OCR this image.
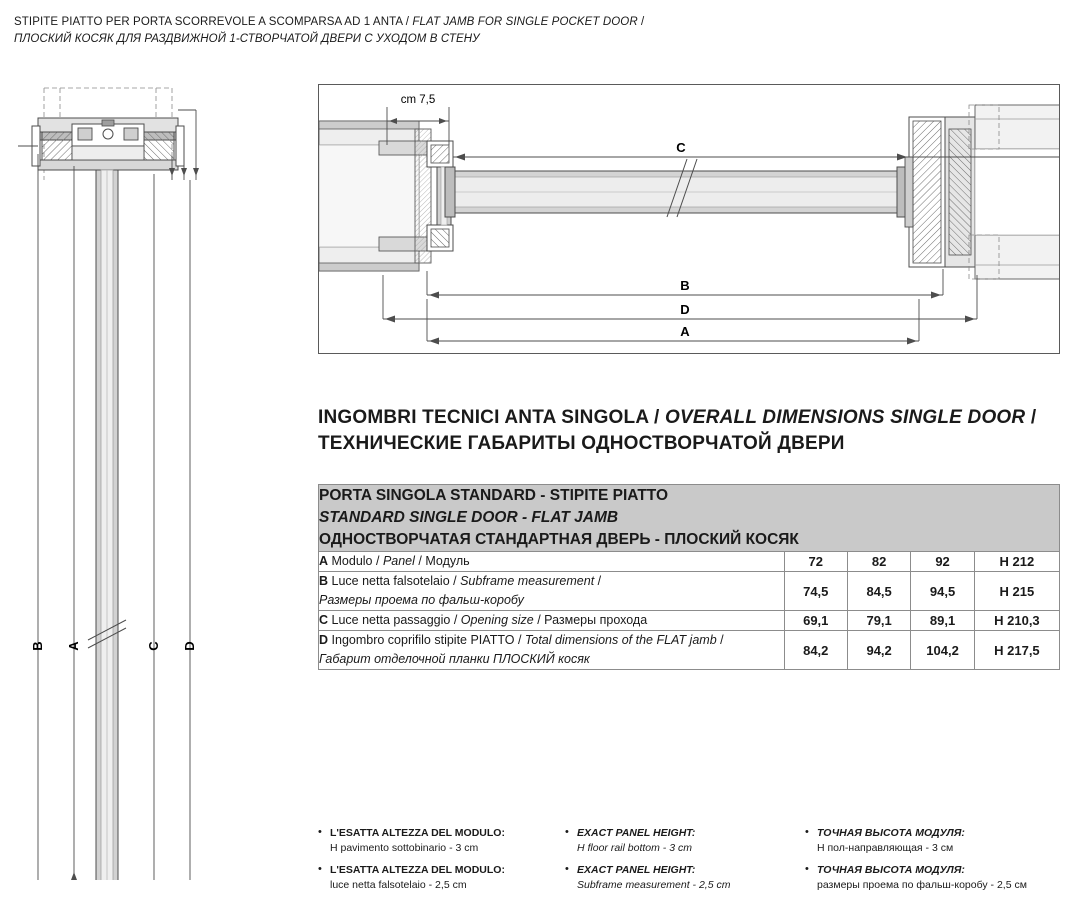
STIPITE PIATTO PER PORTA SCORREVOLE A SCOMPARSA AD 1 ANTA / FLAT JAMB FOR SINGLE POCKET DOOR /
ПЛОСКИЙ КОСЯК ДЛЯ РАЗДВИЖНОЙ 1-СТВОРЧАТОЙ ДВЕРИ С УХОДОМ В СТЕНУ
B A	C D
cm 7,5
C
B
D
A
INGOMBRI TECNICI ANTA SINGOLA / OVERALL DIMENSIONS SINGLE DOOR /
ТЕХНИЧЕСКИЕ ГАБАРИТЫ ОДНОСТВОРЧАТОЙ ДВЕРИ
PORTA SINGOLA STANDARD - STIPITE PIATTO
STANDARD SINGLE DOOR - FLAT JAMB
ОДНОСТВОРЧАТАЯ СТАНДАРТНАЯ ДВЕРЬ - ПЛОСКИЙ КОСЯК				

A Modulo / Panel / Модуль	72	82	92	H 212
B Luce netta falsotelaio / Subframe measurement /
Размеры проема по фальш-коробу	74,5	84,5	94,5	H 215
C Luce netta passaggio / Opening size / Размеры прохода	69,1	79,1	89,1	H 210,3
D Ingombro coprifilo stipite PIATTO / Total dimensions of the FLAT jamb /
Габарит отделочной планки ПЛОСКИЙ косяк	84,2	94,2	104,2	H 217,5
• L'ESATTA ALTEZZA DEL MODULO:
H pavimento sottobinario - 3 cm
• L'ESATTA ALTEZZA DEL MODULO:
luce netta falsotelaio - 2,5 cm
• EXACT PANEL HEIGHT:
H floor rail bottom - 3 cm
• EXACT PANEL HEIGHT:
Subframe measurement - 2,5 cm
• ТОЧНАЯ ВЫСОТА МОДУЛЯ:
Н пол-направляющая - 3 см
• ТОЧНАЯ ВЫСОТА МОДУЛЯ:
размеры проема по фальш-коробу - 2,5 см
